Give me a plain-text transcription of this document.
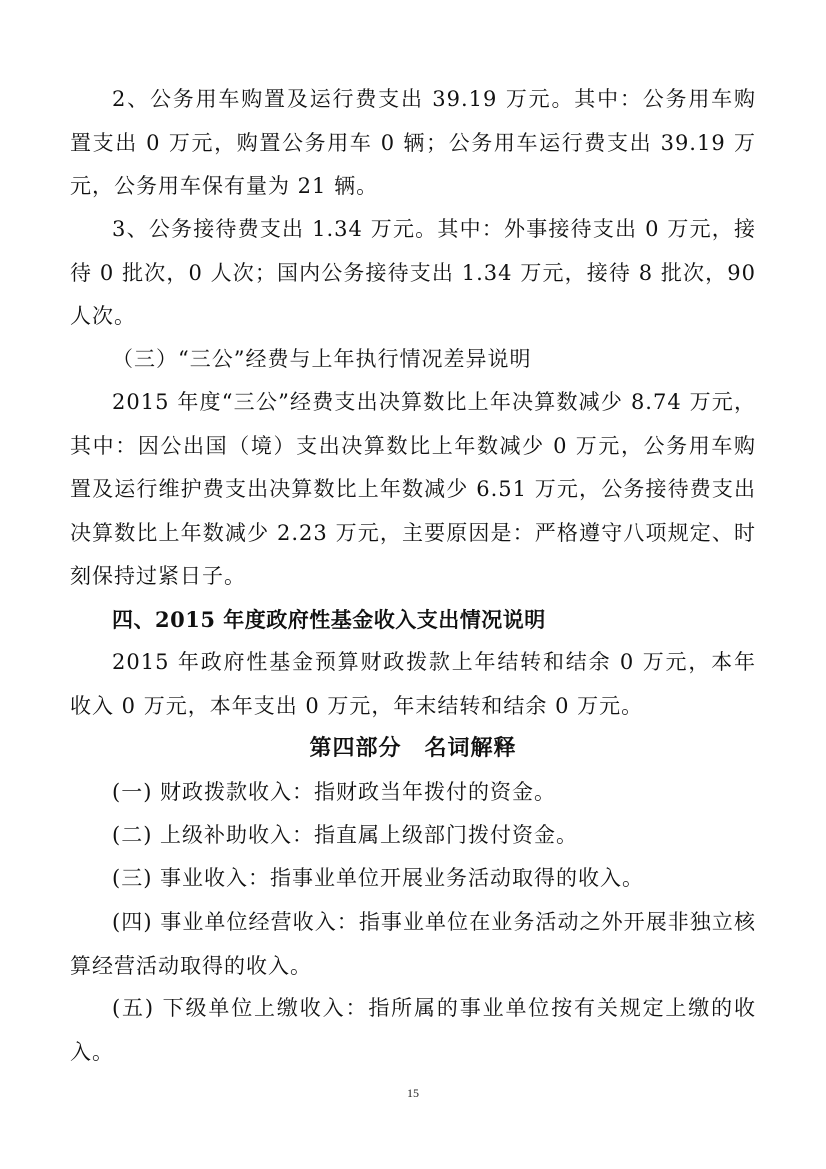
2、公务用车购置及运行费支出 39.19 万元。其中：公务用车购置支出 0 万元，购置公务用车 0 辆；公务用车运行费支出 39.19 万元，公务用车保有量为 21 辆。

3、公务接待费支出 1.34 万元。其中：外事接待支出 0 万元，接待 0 批次，0 人次；国内公务接待支出 1.34 万元，接待 8 批次，90 人次。

（三）“三公”经费与上年执行情况差异说明

2015 年度“三公”经费支出决算数比上年决算数减少 8.74 万元，其中：因公出国（境）支出决算数比上年数减少 0 万元，公务用车购置及运行维护费支出决算数比上年数减少 6.51 万元，公务接待费支出决算数比上年数减少 2.23 万元，主要原因是：严格遵守八项规定、时刻保持过紧日子。

四、2015 年度政府性基金收入支出情况说明

2015 年政府性基金预算财政拨款上年结转和结余 0 万元，本年收入 0 万元，本年支出 0 万元，年末结转和结余 0 万元。

第四部分　名词解释

(一) 财政拨款收入：指财政当年拨付的资金。

(二) 上级补助收入：指直属上级部门拨付资金。

(三) 事业收入：指事业单位开展业务活动取得的收入。

(四) 事业单位经营收入：指事业单位在业务活动之外开展非独立核算经营活动取得的收入。

(五) 下级单位上缴收入：指所属的事业单位按有关规定上缴的收入。

15
